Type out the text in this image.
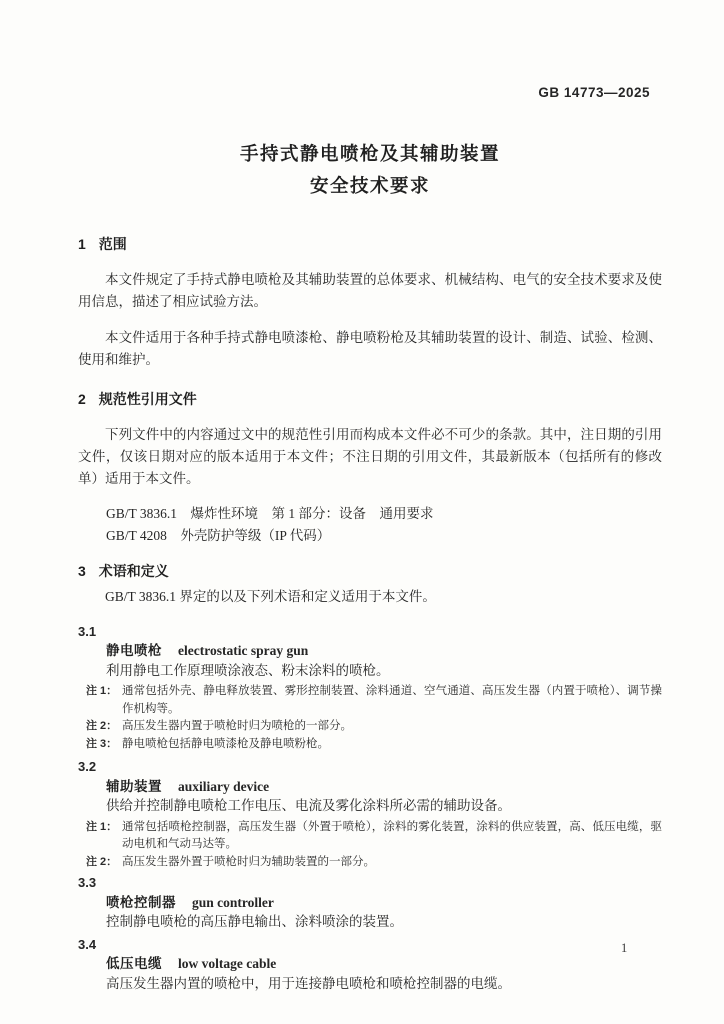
GB 14773—2025
手持式静电喷枪及其辅助装置
安全技术要求
1 范围

本文件规定了手持式静电喷枪及其辅助装置的总体要求、机械结构、电气的安全技术要求及使用信息，描述了相应试验方法。

本文件适用于各种手持式静电喷漆枪、静电喷粉枪及其辅助装置的设计、制造、试验、检测、使用和维护。

2 规范性引用文件

下列文件中的内容通过文中的规范性引用而构成本文件必不可少的条款。其中，注日期的引用文件，仅该日期对应的版本适用于本文件；不注日期的引用文件，其最新版本（包括所有的修改单）适用于本文件。

GB/T 3836.1　爆炸性环境　第 1 部分：设备　通用要求
GB/T 4208　外壳防护等级（IP 代码）
3 术语和定义

GB/T 3836.1 界定的以及下列术语和定义适用于本文件。

3.1
静电喷枪 electrostatic spray gun
利用静电工作原理喷涂液态、粉末涂料的喷枪。
注 1： 通常包括外壳、静电释放装置、雾形控制装置、涂料通道、空气通道、高压发生器（内置于喷枪）、调节操作机构等。
注 2： 高压发生器内置于喷枪时归为喷枪的一部分。
注 3： 静电喷枪包括静电喷漆枪及静电喷粉枪。
3.2
辅助装置 auxiliary device
供给并控制静电喷枪工作电压、电流及雾化涂料所必需的辅助设备。
注 1： 通常包括喷枪控制器，高压发生器（外置于喷枪），涂料的雾化装置，涂料的供应装置，高、低压电缆，驱动电机和气动马达等。
注 2： 高压发生器外置于喷枪时归为辅助装置的一部分。
3.3
喷枪控制器 gun controller
控制静电喷枪的高压静电输出、涂料喷涂的装置。
3.4
低压电缆 low voltage cable
高压发生器内置的喷枪中，用于连接静电喷枪和喷枪控制器的电缆。
1
